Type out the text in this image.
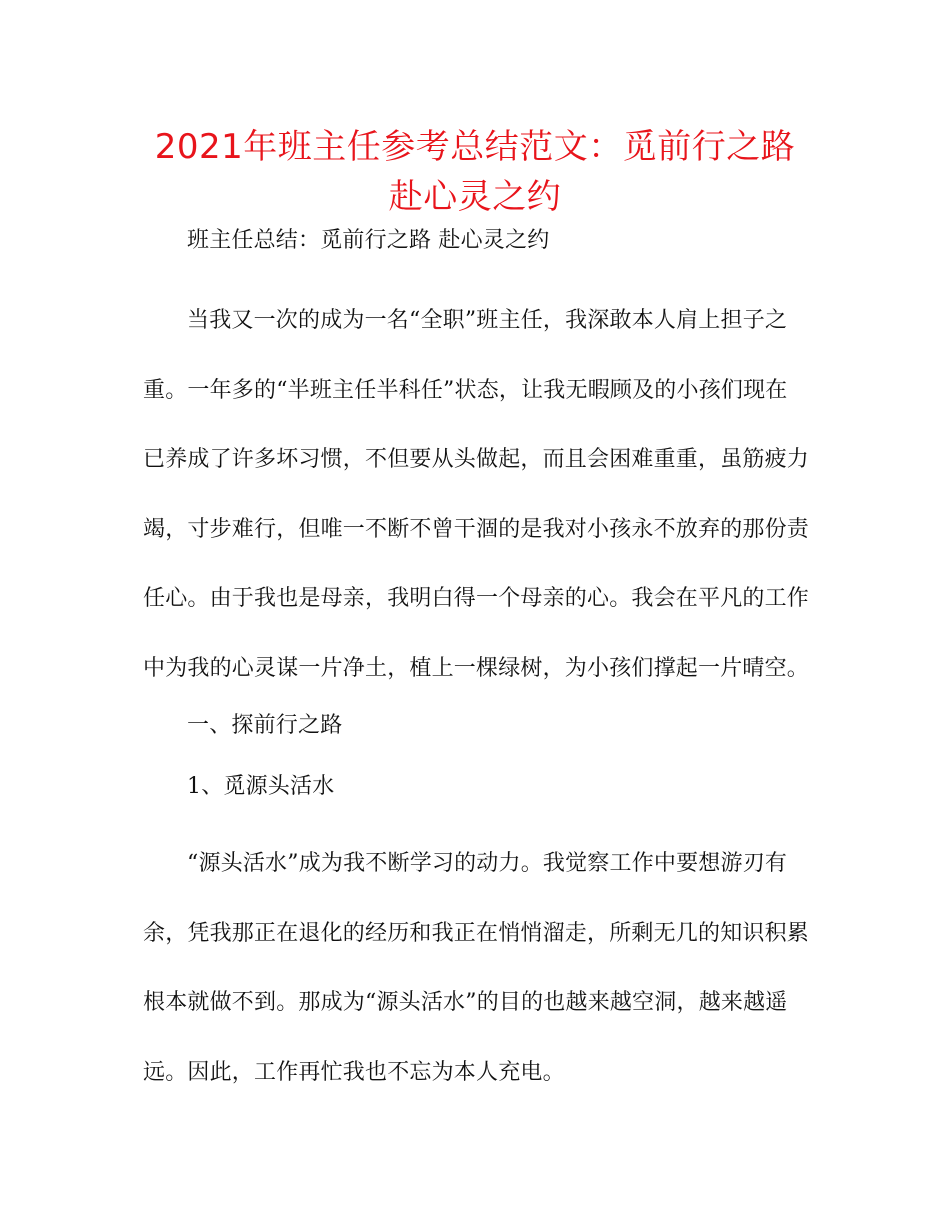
2021年班主任参考总结范文：觅前行之路赴心灵之约

班主任总结：觅前行之路 赴心灵之约

当我又一次的成为一名“全职”班主任，我深敢本人肩上担子之
重。一年多的“半班主任半科任”状态，让我无暇顾及的小孩们现在
已养成了许多坏习惯，不但要从头做起，而且会困难重重，虽筋疲力
竭，寸步难行，但唯一不断不曾干涸的是我对小孩永不放弃的那份责
任心。由于我也是母亲，我明白得一个母亲的心。我会在平凡的工作
中为我的心灵谋一片净土，植上一棵绿树，为小孩们撑起一片晴空。

一、探前行之路

1、觅源头活水

“源头活水”成为我不断学习的动力。我觉察工作中要想游刃有
余，凭我那正在退化的经历和我正在悄悄溜走，所剩无几的知识积累
根本就做不到。那成为“源头活水”的目的也越来越空洞，越来越遥
远。因此，工作再忙我也不忘为本人充电。
